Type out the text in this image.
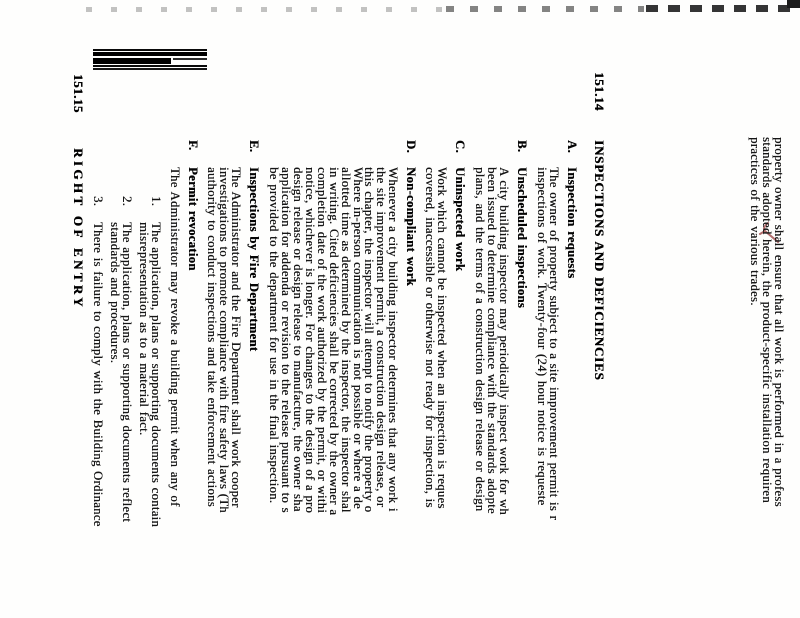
property owner shall ensure that all work is performed in a profess
standards adopted herein, the product-specific installation requiren
practices of the various trades.
151.14
INSPECTIONS AND DEFICIENCIES
A.
Inspection requests
The owner of property subject to a site improvement permit is r
inspections of work. Twenty-four (24) hour notice is requeste
B.
Unscheduled inspections
A city building inspector may periodically inspect work for wh
been issued to determine compliance with the standards adopte
plans, and the terms of a construction design release or design
C.
Uninspected work
Work which cannot be inspected when an inspection is reques
covered, inaccessible or otherwise not ready for inspection, is
D.
Non-compliant work
Whenever a city building inspector determines that any work i
the site improvement permit, a construction design release, or
this chapter, the inspector will attempt to notify the property o
Where in-person communication is not possible or where a de
allotted time as determined by the inspector, the inspector shal
in writing. Cited deficiencies shall be corrected by the owner a
completion date of the work authorized by the permit, or withi
notice, whichever is longer. For changes to the design of a pro
design release or design release to manufacture, the owner sha
application for addenda or revision to the release pursuant to s
be provided to the department for use in the final inspection.
E.
Inspections by Fire Department
The Administrator and the Fire Department shall work cooper
investigations to promote compliance with fire safety laws (Th
authority to conduct inspections and take enforcement actions
F.
Permit revocation
The Administrator may revoke a building permit when any of
1.
The application, plans or supporting documents contain
misrepresentation as to a material fact.
2.
The application, plans or supporting documents reflect
standards and procedures.
3.
There is failure to comply with the Building Ordinance
151.15
RIGHT OF ENTRY
